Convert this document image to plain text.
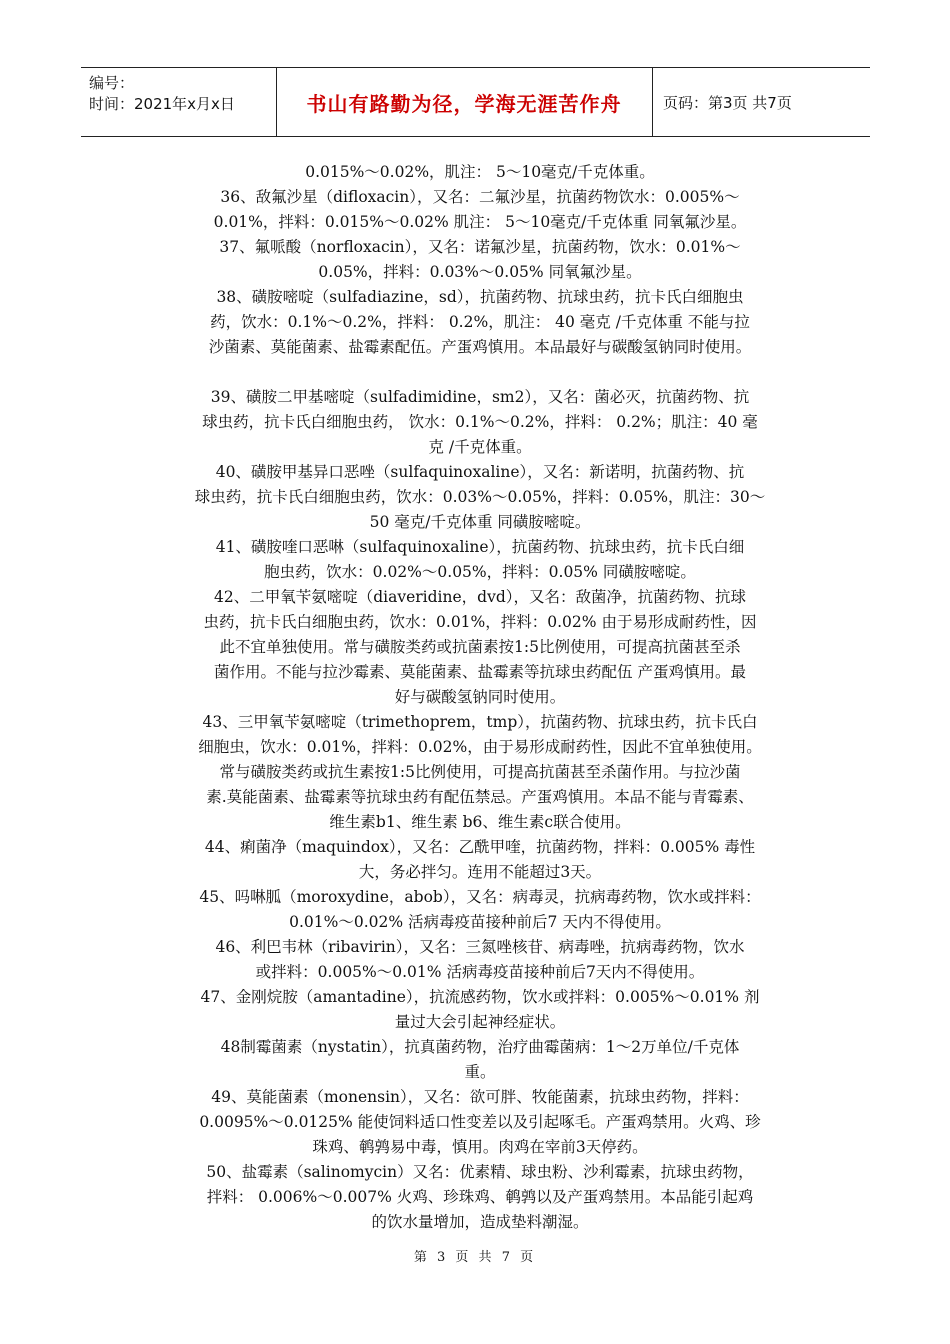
编号：
时间：2021年x月x日	书山有路勤为径，学海无涯苦作舟	页码：第3页 共7页

0.015%～0.02%，肌注： 5～10毫克/千克体重。

36、敌氟沙星（difloxacin），又名：二氟沙星，抗菌药物饮水：0.005%～
0.01%，拌料：0.015%～0.02% 肌注： 5～10毫克/千克体重 同氧氟沙星。

37、氟哌酸（norfloxacin），又名：诺氟沙星，抗菌药物，饮水：0.01%～
0.05%，拌料：0.03%～0.05% 同氧氟沙星。

38、磺胺嘧啶（sulfadiazine，sd），抗菌药物、抗球虫药，抗卡氏白细胞虫
药，饮水：0.1%～0.2%，拌料： 0.2%，肌注： 40 毫克 /千克体重 不能与拉
沙菌素、莫能菌素、盐霉素配伍。产蛋鸡慎用。本品最好与碳酸氢钠同时使用。

39、磺胺二甲基嘧啶（sulfadimidine，sm2），又名：菌必灭，抗菌药物、抗
球虫药，抗卡氏白细胞虫药， 饮水：0.1%～0.2%，拌料： 0.2%；肌注：40 毫
克 /千克体重。

40、磺胺甲基异口恶唑（sulfaquinoxaline），又名：新诺明，抗菌药物、抗
球虫药，抗卡氏白细胞虫药，饮水：0.03%～0.05%，拌料：0.05%，肌注：30～
50 毫克/千克体重 同磺胺嘧啶。

41、磺胺喹口恶啉（sulfaquinoxaline），抗菌药物、抗球虫药，抗卡氏白细
胞虫药，饮水：0.02%～0.05%，拌料：0.05% 同磺胺嘧啶。

42、二甲氧苄氨嘧啶（diaveridine，dvd），又名：敌菌净，抗菌药物、抗球
虫药，抗卡氏白细胞虫药，饮水：0.01%，拌料：0.02% 由于易形成耐药性，因
此不宜单独使用。常与磺胺类药或抗菌素按1:5比例使用，可提高抗菌甚至杀
菌作用。不能与拉沙霉素、莫能菌素、盐霉素等抗球虫药配伍 产蛋鸡慎用。最
好与碳酸氢钠同时使用。

43、三甲氧苄氨嘧啶（trimethoprem，tmp），抗菌药物、抗球虫药，抗卡氏白
细胞虫，饮水：0.01%，拌料：0.02%，由于易形成耐药性，因此不宜单独使用。
常与磺胺类药或抗生素按1:5比例使用，可提高抗菌甚至杀菌作用。与拉沙菌
素.莫能菌素、盐霉素等抗球虫药有配伍禁忌。产蛋鸡慎用。本品不能与青霉素、
维生素b1、维生素 b6、维生素c联合使用。

44、痢菌净（maquindox），又名：乙酰甲喹，抗菌药物，拌料：0.005% 毒性
大，务必拌匀。连用不能超过3天。

45、吗啉胍（moroxydine，abob），又名：病毒灵，抗病毒药物，饮水或拌料：
0.01%～0.02% 活病毒疫苗接种前后7 天内不得使用。

46、利巴韦林（ribavirin），又名：三氮唑核苷、病毒唑，抗病毒药物，饮水
或拌料：0.005%～0.01% 活病毒疫苗接种前后7天内不得使用。

47、金刚烷胺（amantadine），抗流感药物，饮水或拌料：0.005%～0.01% 剂
量过大会引起神经症状。

48制霉菌素（nystatin），抗真菌药物，治疗曲霉菌病：1～2万单位/千克体
重。

49、莫能菌素（monensin），又名：欲可胖、牧能菌素，抗球虫药物，拌料：
0.0095%～0.0125% 能使饲料适口性变差以及引起啄毛。产蛋鸡禁用。火鸡、珍
珠鸡、鹌鹑易中毒，慎用。肉鸡在宰前3天停药。

50、盐霉素（salinomycin）又名：优素精、球虫粉、沙利霉素，抗球虫药物，
拌料： 0.006%～0.007% 火鸡、珍珠鸡、鹌鹑以及产蛋鸡禁用。本品能引起鸡
的饮水量增加，造成垫料潮湿。

第 3 页 共 7 页
